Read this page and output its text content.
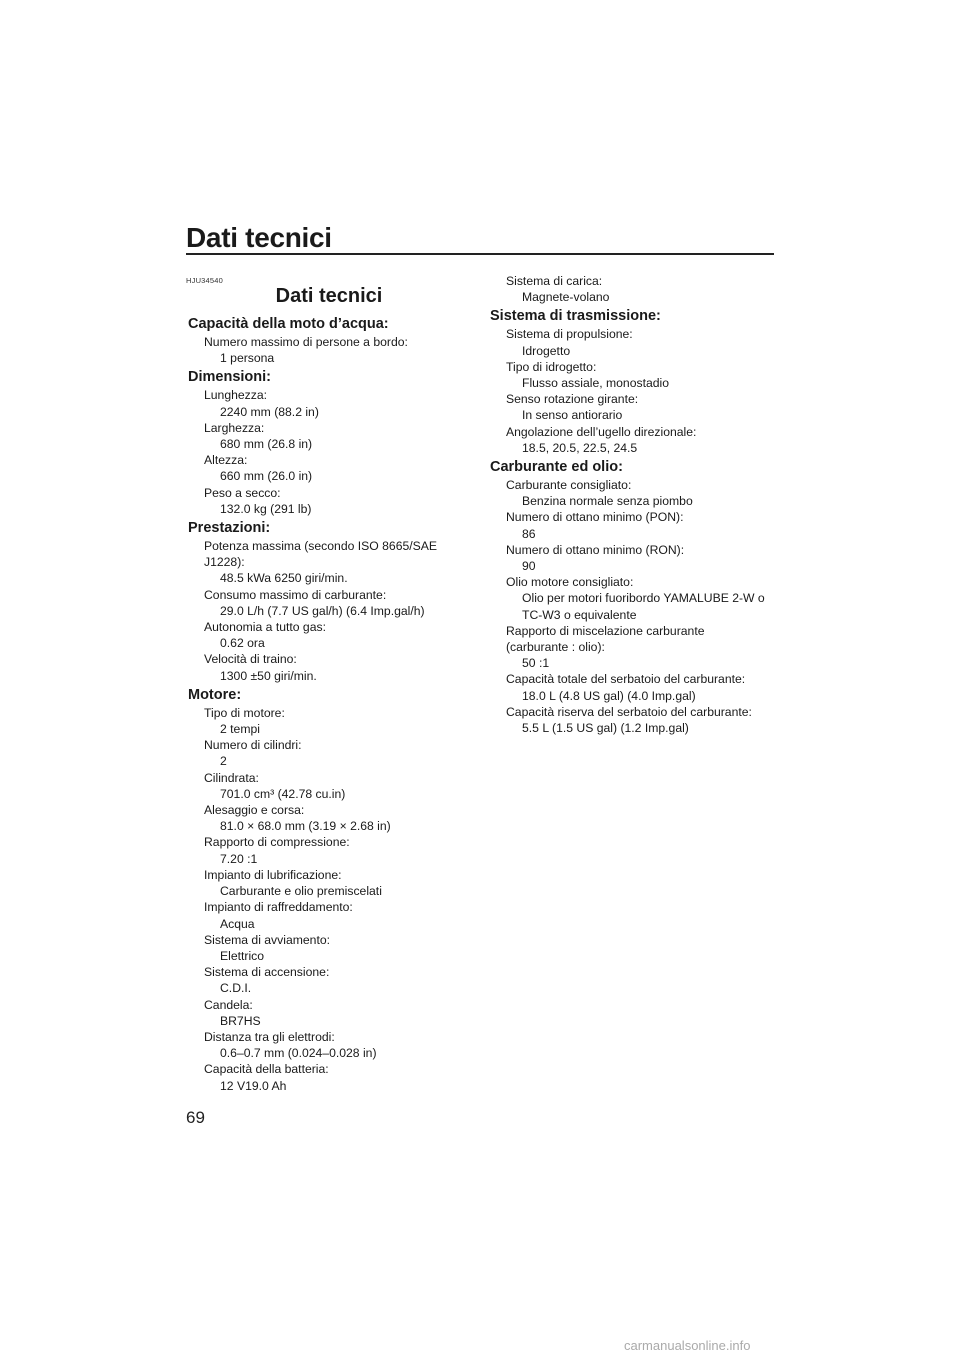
Dati tecnici
HJU34540
Dati tecnici
Capacità della moto d’acqua:
Numero massimo di persone a bordo:
1 persona
Dimensioni:
Lunghezza:
2240 mm (88.2 in)
Larghezza:
680 mm (26.8 in)
Altezza:
660 mm (26.0 in)
Peso a secco:
132.0 kg (291 lb)
Prestazioni:
Potenza massima (secondo ISO 8665/SAE
J1228):
48.5 kWa 6250 giri/min.
Consumo massimo di carburante:
29.0 L/h (7.7 US gal/h) (6.4 Imp.gal/h)
Autonomia a tutto gas:
0.62 ora
Velocità di traino:
1300 ±50 giri/min.
Motore:
Tipo di motore:
2 tempi
Numero di cilindri:
2
Cilindrata:
701.0 cm³ (42.78 cu.in)
Alesaggio e corsa:
81.0 × 68.0 mm (3.19 × 2.68 in)
Rapporto di compressione:
7.20 :1
Impianto di lubrificazione:
Carburante e olio premiscelati
Impianto di raffreddamento:
Acqua
Sistema di avviamento:
Elettrico
Sistema di accensione:
C.D.I.
Candela:
BR7HS
Distanza tra gli elettrodi:
0.6–0.7 mm (0.024–0.028 in)
Capacità della batteria:
12 V19.0 Ah
Sistema di carica:
Magnete-volano
Sistema di trasmissione:
Sistema di propulsione:
Idrogetto
Tipo di idrogetto:
Flusso assiale, monostadio
Senso rotazione girante:
In senso antiorario
Angolazione dell’ugello direzionale:
18.5, 20.5, 22.5, 24.5
Carburante ed olio:
Carburante consigliato:
Benzina normale senza piombo
Numero di ottano minimo (PON):
86
Numero di ottano minimo (RON):
90
Olio motore consigliato:
Olio per motori fuoribordo YAMALUBE 2-W o
TC-W3 o equivalente
Rapporto di miscelazione carburante
(carburante : olio):
50 :1
Capacità totale del serbatoio del carburante:
18.0 L (4.8 US gal) (4.0 Imp.gal)
Capacità riserva del serbatoio del carburante:
5.5 L (1.5 US gal) (1.2 Imp.gal)
69
carmanualsonline.info
